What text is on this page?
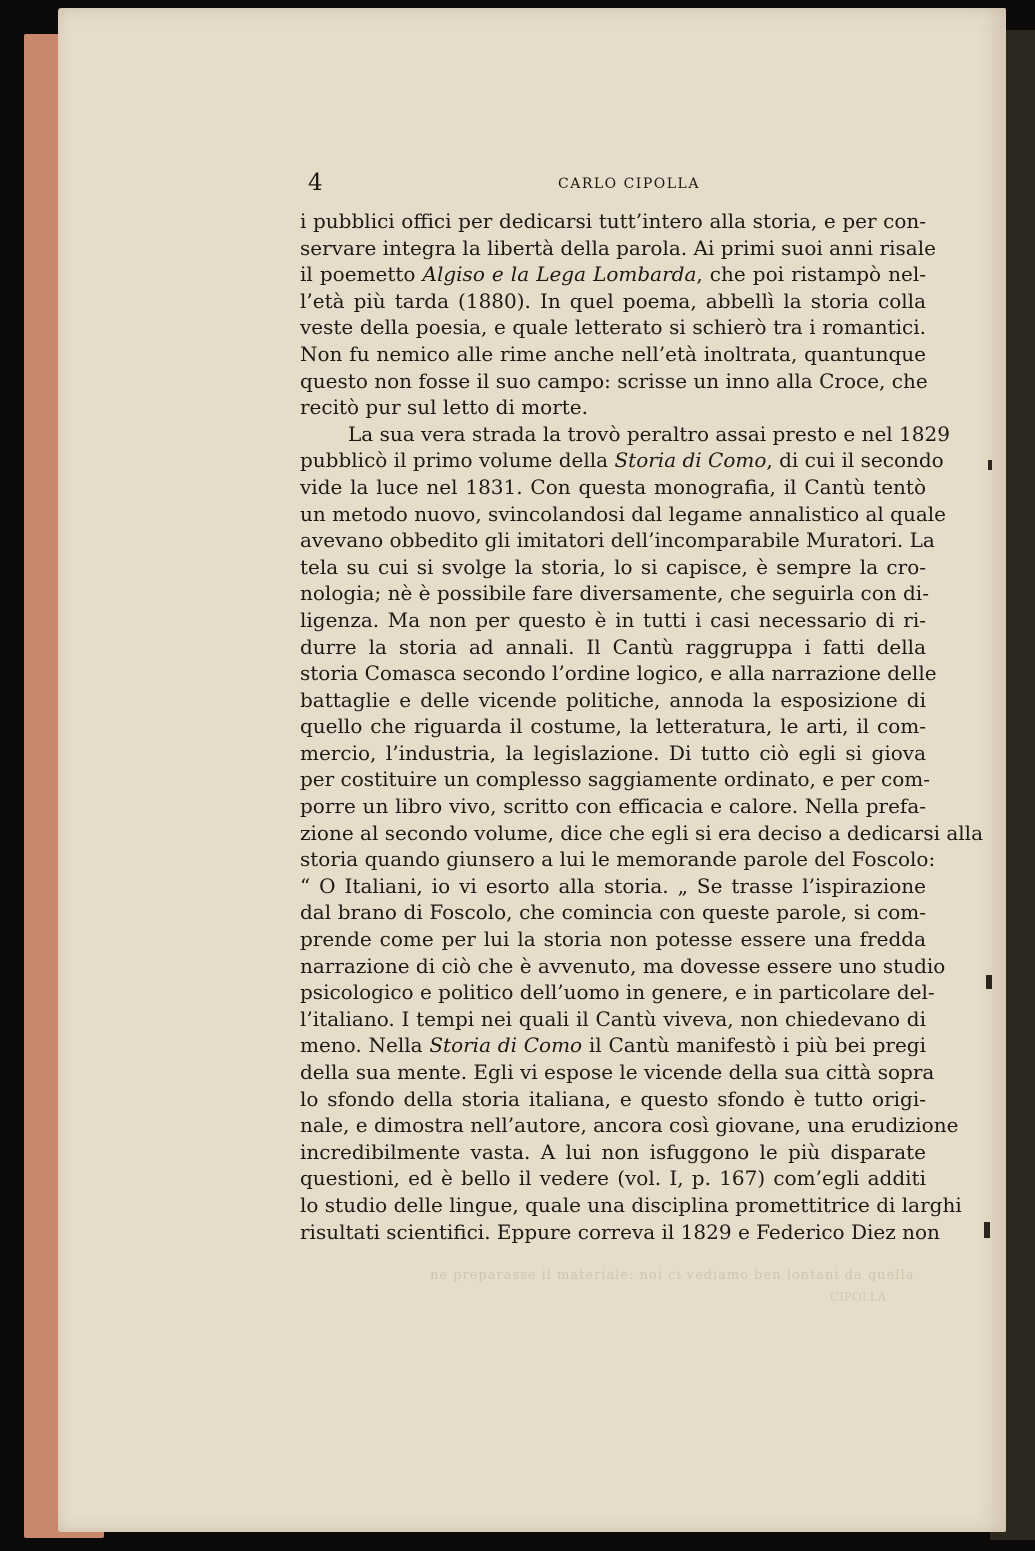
4	CARLO CIPOLLA
i pubblici offici per dedicarsi tutt’intero alla storia, e per con-
servare integra la libertà della parola. Ai primi suoi anni risale
il poemetto Algiso e la Lega Lombarda, che poi ristampò nel-
l’età più tarda (1880). In quel poema, abbellì la storia colla
veste della poesia, e quale letterato si schierò tra i romantici.
Non fu nemico alle rime anche nell’età inoltrata, quantunque
questo non fosse il suo campo: scrisse un inno alla Croce, che
recitò pur sul letto di morte.
La sua vera strada la trovò peraltro assai presto e nel 1829
pubblicò il primo volume della Storia di Como, di cui il secondo
vide la luce nel 1831. Con questa monografia, il Cantù tentò
un metodo nuovo, svincolandosi dal legame annalistico al quale
avevano obbedito gli imitatori dell’incomparabile Muratori. La
tela su cui si svolge la storia, lo si capisce, è sempre la cro-
nologia; nè è possibile fare diversamente, che seguirla con di-
ligenza. Ma non per questo è in tutti i casi necessario di ri-
durre la storia ad annali. Il Cantù raggruppa i fatti della
storia Comasca secondo l’ordine logico, e alla narrazione delle
battaglie e delle vicende politiche, annoda la esposizione di
quello che riguarda il costume, la letteratura, le arti, il com-
mercio, l’industria, la legislazione. Di tutto ciò egli si giova
per costituire un complesso saggiamente ordinato, e per com-
porre un libro vivo, scritto con efficacia e calore. Nella prefa-
zione al secondo volume, dice che egli si era deciso a dedicarsi alla
storia quando giunsero a lui le memorande parole del Foscolo:
“ O Italiani, io vi esorto alla storia. „ Se trasse l’ispirazione
dal brano di Foscolo, che comincia con queste parole, si com-
prende come per lui la storia non potesse essere una fredda
narrazione di ciò che è avvenuto, ma dovesse essere uno studio
psicologico e politico dell’uomo in genere, e in particolare del-
l’italiano. I tempi nei quali il Cantù viveva, non chiedevano di
meno. Nella Storia di Como il Cantù manifestò i più bei pregi
della sua mente. Egli vi espose le vicende della sua città sopra
lo sfondo della storia italiana, e questo sfondo è tutto origi-
nale, e dimostra nell’autore, ancora così giovane, una erudizione
incredibilmente vasta. A lui non isfuggono le più disparate
questioni, ed è bello il vedere (vol. I, p. 167) com’egli additi
lo studio delle lingue, quale una disciplina promettitrice di larghi
risultati scientifici. Eppure correva il 1829 e Federico Diez non
ne preparasse il materiale: noi ci vediamo ben lontani da quella
CIPOLLA
